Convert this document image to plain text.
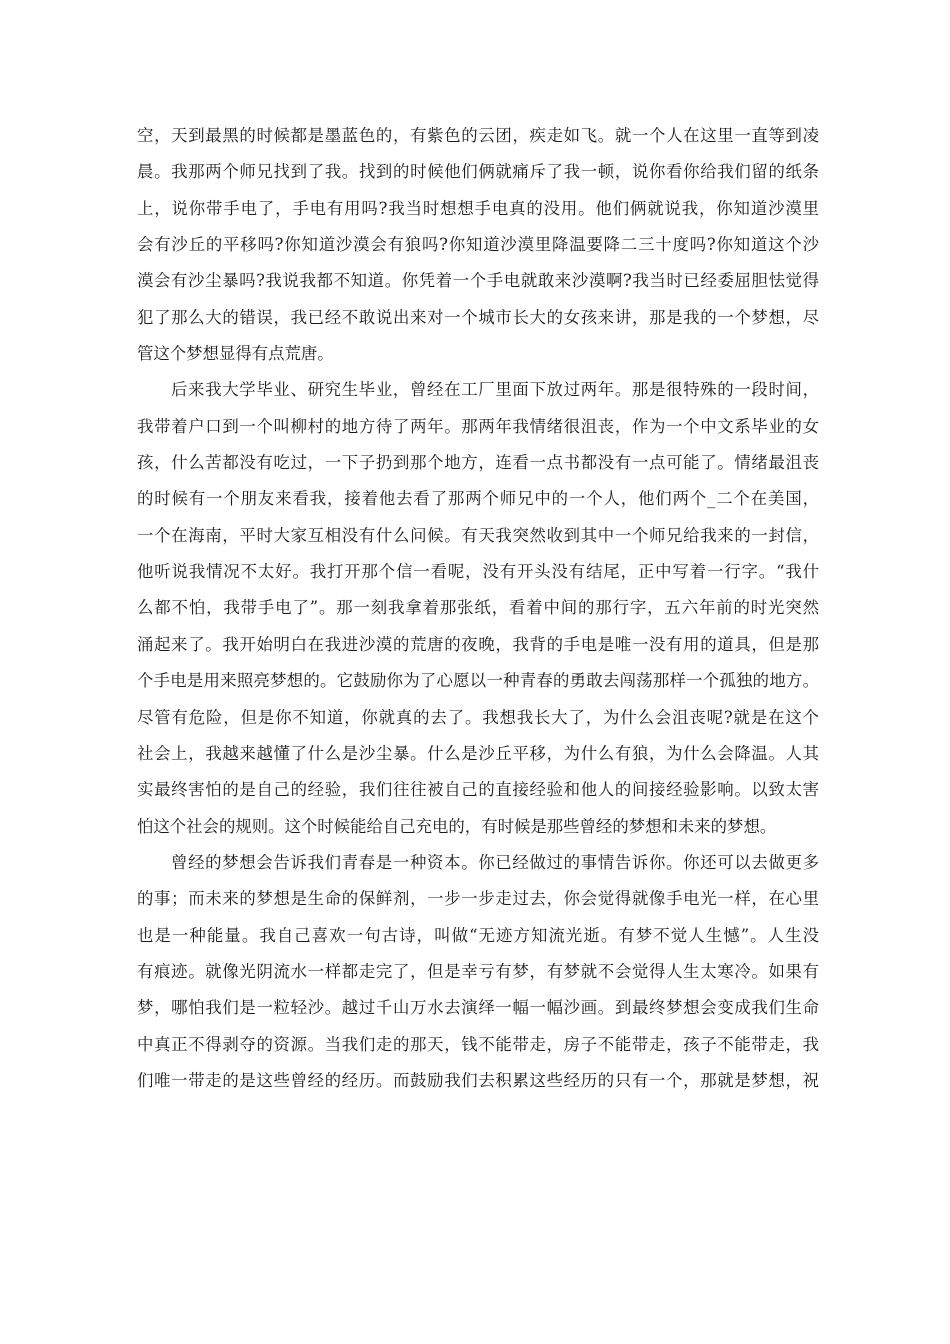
空，天到最黑的时候都是墨蓝色的，有紫色的云团，疾走如飞。就一个人在这里一直等到凌
晨。我那两个师兄找到了我。找到的时候他们俩就痛斥了我一顿，说你看你给我们留的纸条
上，说你带手电了，手电有用吗?我当时想想手电真的没用。他们俩就说我，你知道沙漠里
会有沙丘的平移吗?你知道沙漠会有狼吗?你知道沙漠里降温要降二三十度吗?你知道这个沙
漠会有沙尘暴吗?我说我都不知道。你凭着一个手电就敢来沙漠啊?我当时已经委屈胆怯觉得
犯了那么大的错误，我已经不敢说出来对一个城市长大的女孩来讲，那是我的一个梦想，尽
管这个梦想显得有点荒唐。
后来我大学毕业、研究生毕业，曾经在工厂里面下放过两年。那是很特殊的一段时间，
我带着户口到一个叫柳村的地方待了两年。那两年我情绪很沮丧，作为一个中文系毕业的女
孩，什么苦都没有吃过，一下子扔到那个地方，连看一点书都没有一点可能了。情绪最沮丧
的时候有一个朋友来看我，接着他去看了那两个师兄中的一个人，他们两个_二个在美国，
一个在海南，平时大家互相没有什么问候。有天我突然收到其中一个师兄给我来的一封信，
他听说我情况不太好。我打开那个信一看呢，没有开头没有结尾，正中写着一行字。“我什
么都不怕，我带手电了”。那一刻我拿着那张纸，看着中间的那行字，五六年前的时光突然
涌起来了。我开始明白在我进沙漠的荒唐的夜晚，我背的手电是唯一没有用的道具，但是那
个手电是用来照亮梦想的。它鼓励你为了心愿以一种青春的勇敢去闯荡那样一个孤独的地方。
尽管有危险，但是你不知道，你就真的去了。我想我长大了，为什么会沮丧呢?就是在这个
社会上，我越来越懂了什么是沙尘暴。什么是沙丘平移，为什么有狼，为什么会降温。人其
实最终害怕的是自己的经验，我们往往被自己的直接经验和他人的间接经验影响。以致太害
怕这个社会的规则。这个时候能给自己充电的，有时候是那些曾经的梦想和未来的梦想。
曾经的梦想会告诉我们青春是一种资本。你已经做过的事情告诉你。你还可以去做更多
的事；而未来的梦想是生命的保鲜剂，一步一步走过去，你会觉得就像手电光一样，在心里
也是一种能量。我自己喜欢一句古诗，叫做“无迹方知流光逝。有梦不觉人生憾”。人生没
有痕迹。就像光阴流水一样都走完了，但是幸亏有梦，有梦就不会觉得人生太寒冷。如果有
梦，哪怕我们是一粒轻沙。越过千山万水去演绎一幅一幅沙画。到最终梦想会变成我们生命
中真正不得剥夺的资源。当我们走的那天，钱不能带走，房子不能带走，孩子不能带走，我
们唯一带走的是这些曾经的经历。而鼓励我们去积累这些经历的只有一个，那就是梦想，祝
